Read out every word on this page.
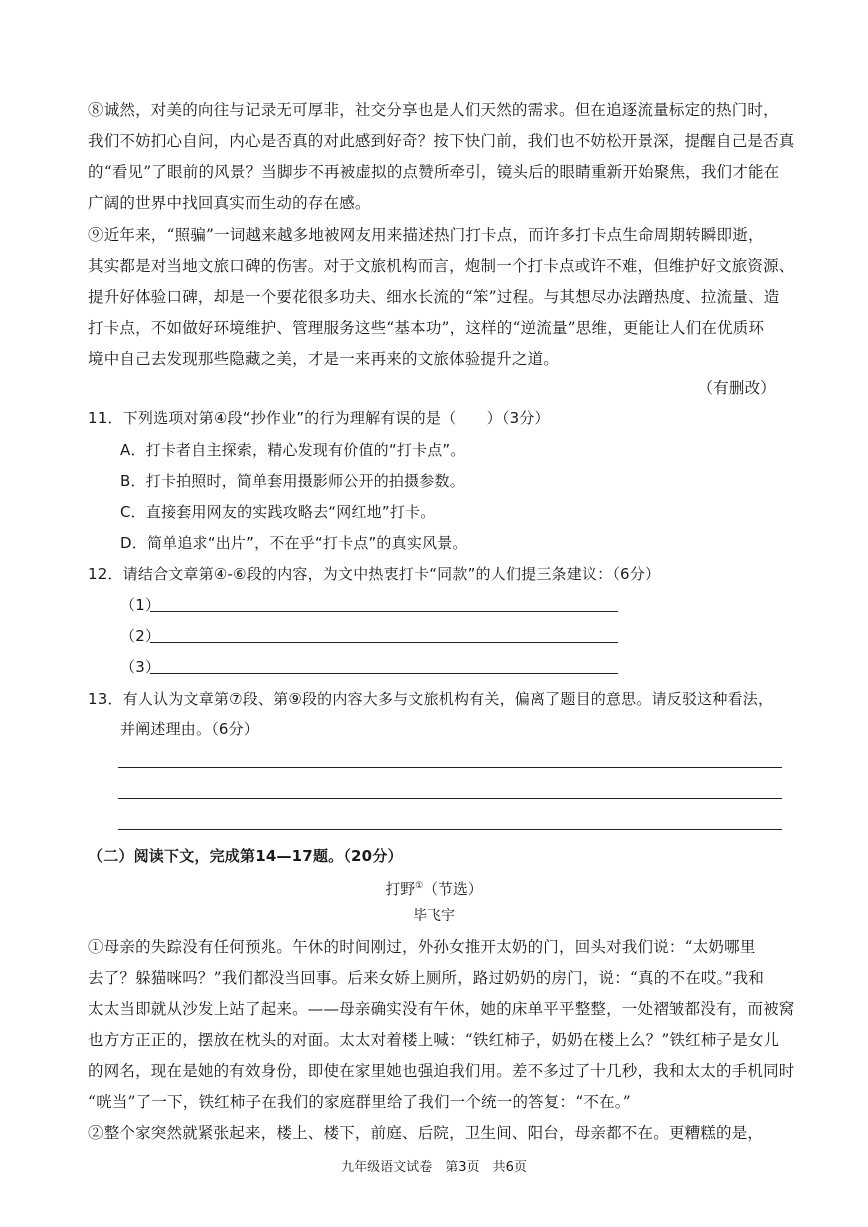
⑧诚然，对美的向往与记录无可厚非，社交分享也是人们天然的需求。但在追逐流量标定的热门时，
我们不妨扪心自问，内心是否真的对此感到好奇？按下快门前，我们也不妨松开景深，提醒自己是否真
的“看见”了眼前的风景？当脚步不再被虚拟的点赞所牵引，镜头后的眼睛重新开始聚焦，我们才能在
广阔的世界中找回真实而生动的存在感。
⑨近年来，“照骗”一词越来越多地被网友用来描述热门打卡点，而许多打卡点生命周期转瞬即逝，
其实都是对当地文旅口碑的伤害。对于文旅机构而言，炮制一个打卡点或许不难，但维护好文旅资源、
提升好体验口碑，却是一个要花很多功夫、细水长流的“笨”过程。与其想尽办法蹭热度、拉流量、造
打卡点，不如做好环境维护、管理服务这些“基本功”，这样的“逆流量”思维，更能让人们在优质环
境中自己去发现那些隐藏之美，才是一来再来的文旅体验提升之道。
（有删改）
11．下列选项对第④段“抄作业”的行为理解有误的是（　　）（3分）
A．打卡者自主探索，精心发现有价值的“打卡点”。
B．打卡拍照时，简单套用摄影师公开的拍摄参数。
C．直接套用网友的实践攻略去“网红地”打卡。
D．简单追求“出片”，不在乎“打卡点”的真实风景。
12．请结合文章第④-⑥段的内容，为文中热衷打卡“同款”的人们提三条建议：（6分）
（1）
（2）
（3）
13．有人认为文章第⑦段、第⑨段的内容大多与文旅机构有关，偏离了题目的意思。请反驳这种看法，
并阐述理由。（6分）
（二）阅读下文，完成第14—17题。（20分）
打野①（节选）
毕飞宇
①母亲的失踪没有任何预兆。午休的时间刚过，外孙女推开太奶的门，回头对我们说：“太奶哪里
去了？躲猫咪吗？”我们都没当回事。后来女娇上厕所，路过奶奶的房门，说：“真的不在哎。”我和
太太当即就从沙发上站了起来。——母亲确实没有午休，她的床单平平整整，一处褶皱都没有，而被窝
也方方正正的，摆放在枕头的对面。太太对着楼上喊：“铁红柿子，奶奶在楼上么？”铁红柿子是女儿
的网名，现在是她的有效身份，即使在家里她也强迫我们用。差不多过了十几秒，我和太太的手机同时
“咣当”了一下，铁红柿子在我们的家庭群里给了我们一个统一的答复：“不在。”
②整个家突然就紧张起来，楼上、楼下，前庭、后院，卫生间、阳台，母亲都不在。更糟糕的是，
九年级语文试卷　第3页　共6页
